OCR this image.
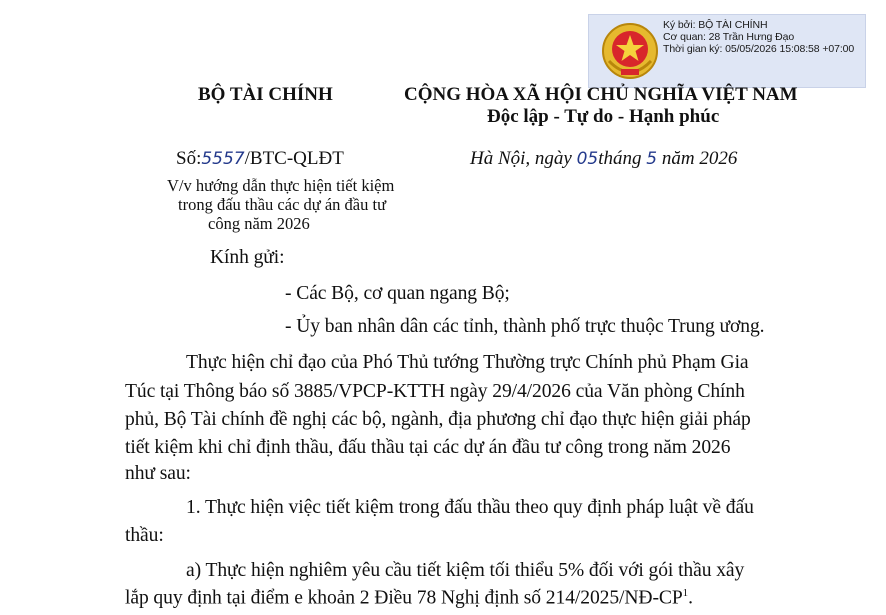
Ký bởi: BỘ TÀI CHÍNH
Cơ quan: 28 Trần Hưng Đạo
Thời gian ký: 05/05/2026 15:08:58 +07:00
BỘ TÀI CHÍNH	CỘNG HÒA XÃ HỘI CHỦ NGHĨA VIỆT NAM
Độc lập - Tự do - Hạnh phúc
Số:5557/BTC-QLĐT	Hà Nội, ngày 05tháng 5 năm 2026
V/v hướng dẫn thực hiện tiết kiệm
trong đấu thầu các dự án đầu tư
công năm 2026
Kính gửi:
- Các Bộ, cơ quan ngang Bộ;
- Ủy ban nhân dân các tỉnh, thành phố trực thuộc Trung ương.
Thực hiện chỉ đạo của Phó Thủ tướng Thường trực Chính phủ Phạm Gia
Túc tại Thông báo số 3885/VPCP-KTTH ngày 29/4/2026 của Văn phòng Chính
phủ, Bộ Tài chính đề nghị các bộ, ngành, địa phương chỉ đạo thực hiện giải pháp
tiết kiệm khi chỉ định thầu, đấu thầu tại các dự án đầu tư công trong năm 2026
như sau:
1. Thực hiện việc tiết kiệm trong đấu thầu theo quy định pháp luật về đấu
thầu:
a) Thực hiện nghiêm yêu cầu tiết kiệm tối thiểu 5% đối với gói thầu xây
lắp quy định tại điểm e khoản 2 Điều 78 Nghị định số $214/2025/NĐ-CP^1$.
